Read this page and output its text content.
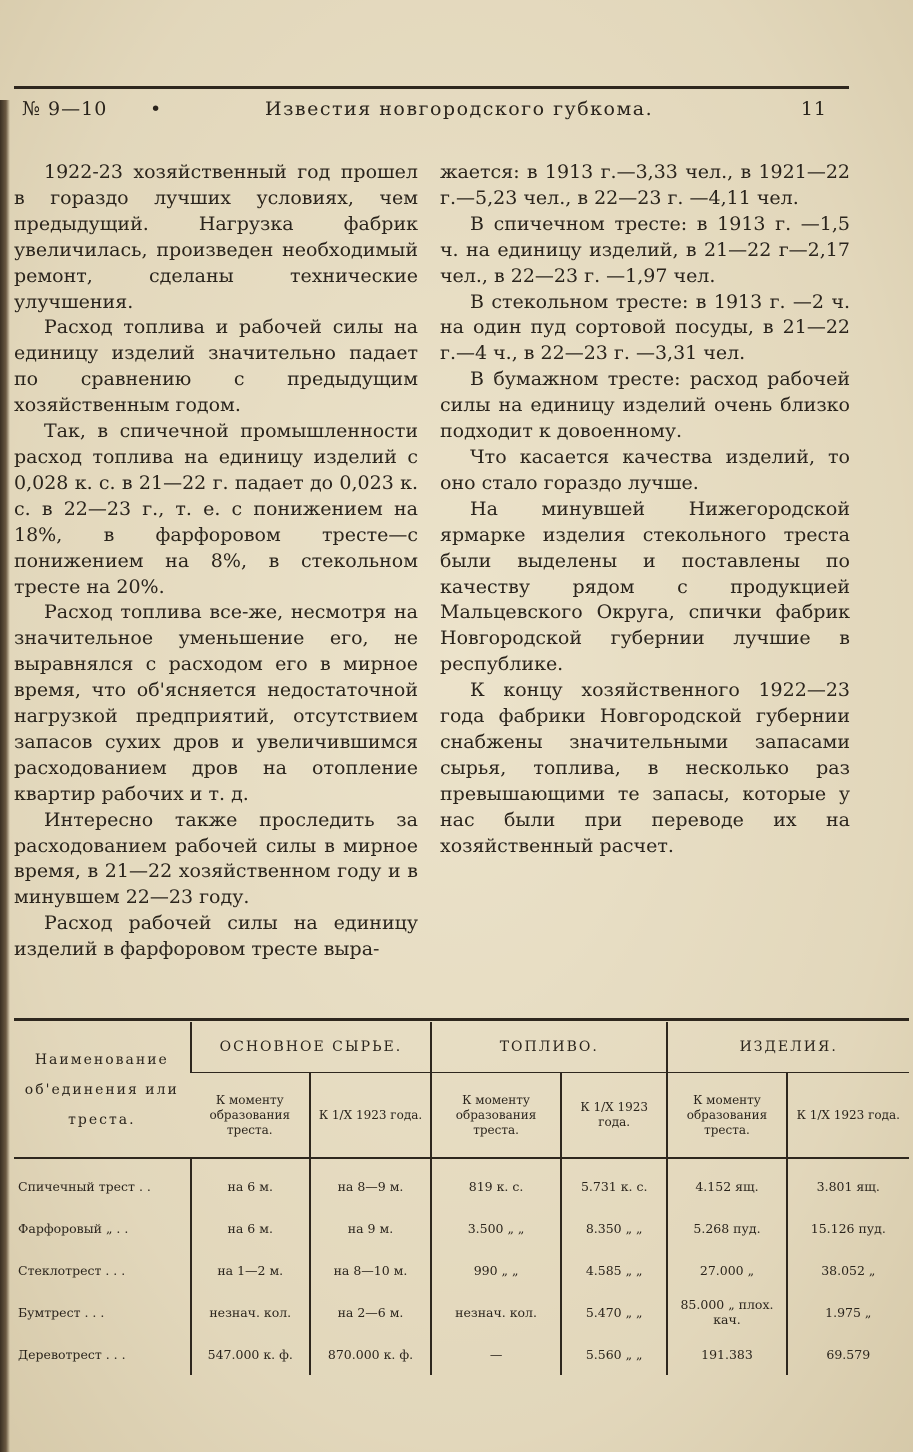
№ 9—10 •	Известия новгородского губкома.	11

1922-23 хозяйственный год прошел в гораздо лучших условиях, чем предыдущий. Нагрузка фабрик увеличилась, произведен необходимый ремонт, сделаны технические улучшения.

Расход топлива и рабочей силы на единицу изделий значительно падает по сравнению с предыдущим хозяйственным годом.

Так, в спичечной промышленности расход топлива на единицу изделий с 0,028 к. с. в 21—22 г. падает до 0,023 к. с. в 22—23 г., т. е. с понижением на 18%, в фарфоровом тресте—с понижением на 8%, в стекольном тресте на 20%.

Расход топлива все-же, несмотря на значительное уменьшение его, не выравнялся с расходом его в мирное время, что об'ясняется недостаточной нагрузкой предприятий, отсутствием запасов сухих дров и увеличившимся расходованием дров на отопление квартир рабочих и т. д.

Интересно также проследить за расходованием рабочей силы в мирное время, в 21—22 хозяйственном году и в минувшем 22—23 году.

Расход рабочей силы на единицу изделий в фарфоровом тресте выра-

жается: в 1913 г.—3,33 чел., в 1921—22 г.—5,23 чел., в 22—23 г. —4,11 чел.

В спичечном тресте: в 1913 г. —1,5 ч. на единицу изделий, в 21—22 г—2,17 чел., в 22—23 г. —1,97 чел.

В стекольном тресте: в 1913 г. —2 ч. на один пуд сортовой посуды, в 21—22 г.—4 ч., в 22—23 г. —3,31 чел.

В бумажном тресте: расход рабочей силы на единицу изделий очень близко подходит к довоенному.

Что касается качества изделий, то оно стало гораздо лучше.

На минувшей Нижегородской ярмарке изделия стекольного треста были выделены и поставлены по качеству рядом с продукцией Мальцевского Округа, спички фабрик Новгородской губернии лучшие в республике.

К концу хозяйственного 1922—23 года фабрики Новгородской губернии снабжены значительными запасами сырья, топлива, в несколько раз превышающими те запасы, которые у нас были при переводе их на хозяйственный расчет.

Наименование об'единения или треста.	ОСНОВНОЕ СЫРЬЕ.		ТОПЛИВО.		ИЗДЕЛИЯ.	
	К моменту образования треста.	К 1/X 1923 года.	К моменту образования треста.	К 1/X 1923 года.	К моменту образования треста.	К 1/X 1923 года.

Спичечный трест . .	на 6 м.	на 8—9 м.	819 к. с.	5.731 к. с.	4.152 ящ.	3.801 ящ.
Фарфоровый „ . .	на 6 м.	на 9 м.	3.500 „ „	8.350 „ „	5.268 пуд.	15.126 пуд.
Стеклотрест . . .	на 1—2 м.	на 8—10 м.	990 „ „	4.585 „ „	27.000 „	38.052 „
Бумтрест . . .	незнач. кол.	на 2—6 м.	незнач. кол.	5.470 „ „	85.000 „ плох. кач.	1.975 „
Деревотрест . . .	547.000 к. ф.	870.000 к. ф.	—	5.560 „ „	191.383	69.579
